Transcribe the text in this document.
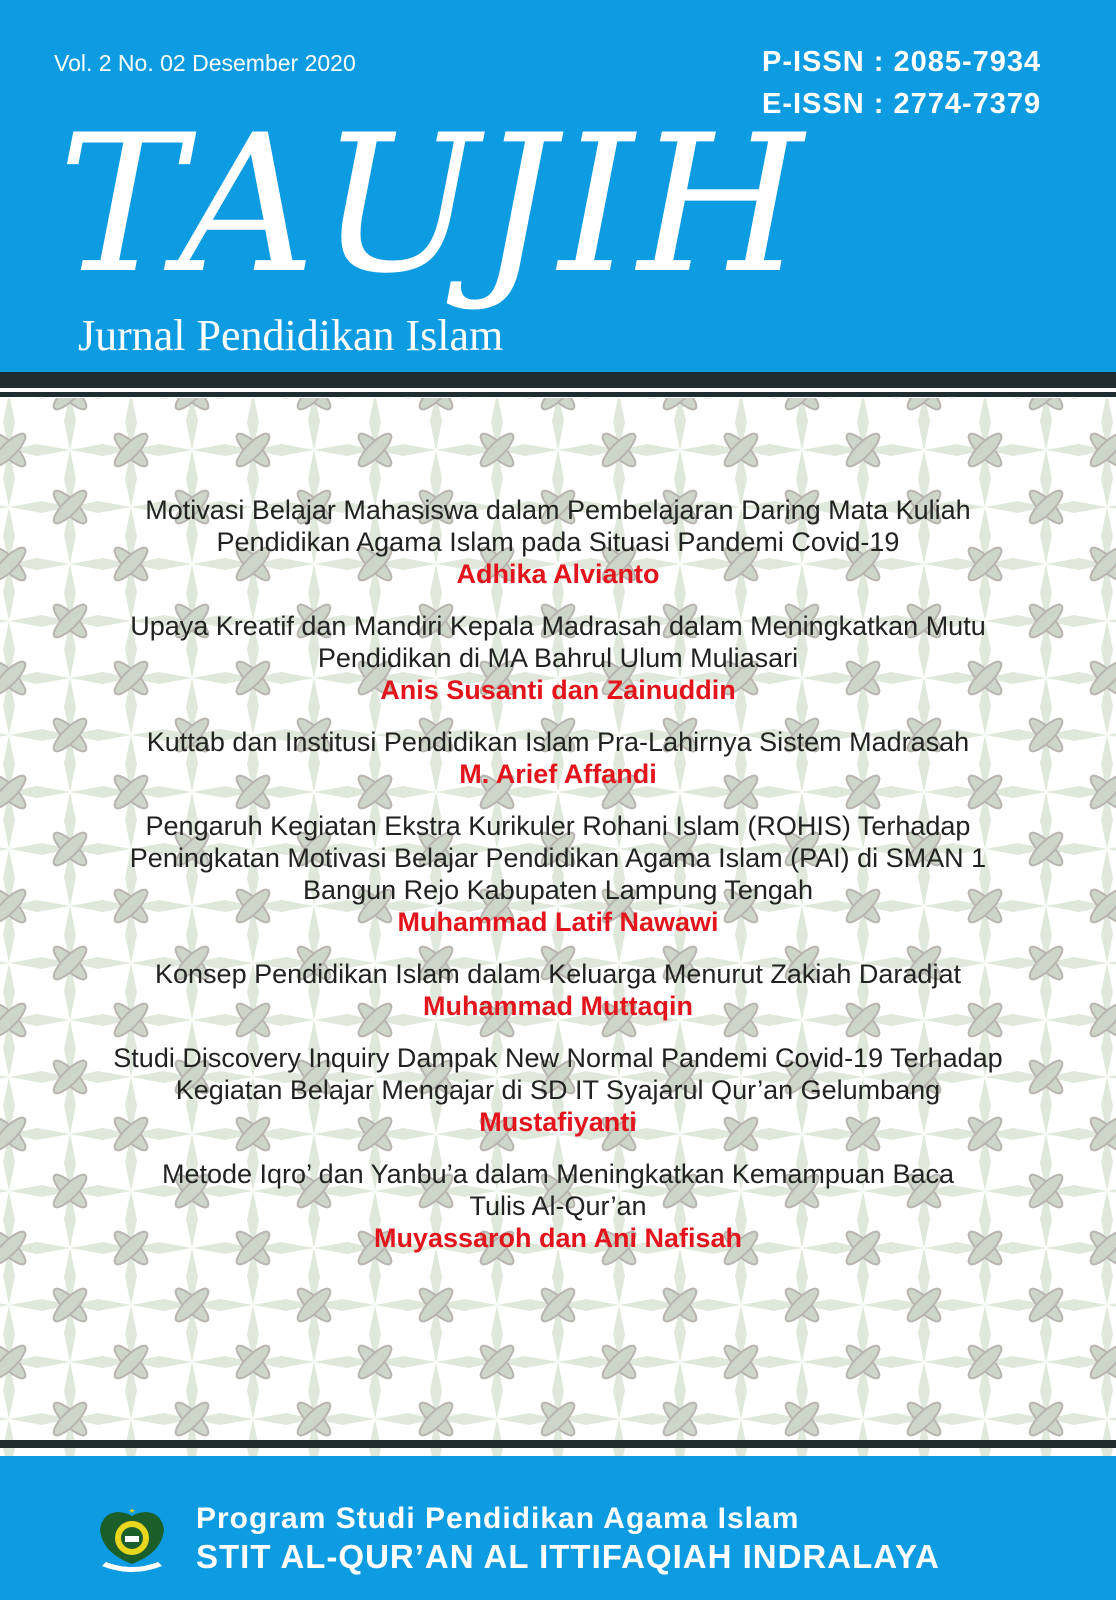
Vol. 2 No. 02 Desember 2020	P-ISSN : 2085-7934
E-ISSN : 2774-7379
TAUJIH
Jurnal Pendidikan Islam
Motivasi Belajar Mahasiswa dalam Pembelajaran Daring Mata Kuliah
Pendidikan Agama Islam pada Situasi Pandemi Covid-19
Adhika Alvianto
Upaya Kreatif dan Mandiri Kepala Madrasah dalam Meningkatkan Mutu
Pendidikan di MA Bahrul Ulum Muliasari
Anis Susanti dan Zainuddin
Kuttab dan Institusi Pendidikan Islam Pra-Lahirnya Sistem Madrasah
M. Arief Affandi
Pengaruh Kegiatan Ekstra Kurikuler Rohani Islam (ROHIS) Terhadap
Peningkatan Motivasi Belajar Pendidikan Agama Islam (PAI) di SMAN 1
Bangun Rejo Kabupaten Lampung Tengah
Muhammad Latif Nawawi
Konsep Pendidikan Islam dalam Keluarga Menurut Zakiah Daradjat
Muhammad Muttaqin
Studi Discovery Inquiry Dampak New Normal Pandemi Covid-19 Terhadap
Kegiatan Belajar Mengajar di SD IT Syajarul Qur’an Gelumbang
Mustafiyanti
Metode Iqro’ dan Yanbu’a dalam Meningkatkan Kemampuan Baca
Tulis Al-Qur’an
Muyassaroh dan Ani Nafisah
Program Studi Pendidikan Agama Islam
STIT AL-QUR’AN AL ITTIFAQIAH INDRALAYA
